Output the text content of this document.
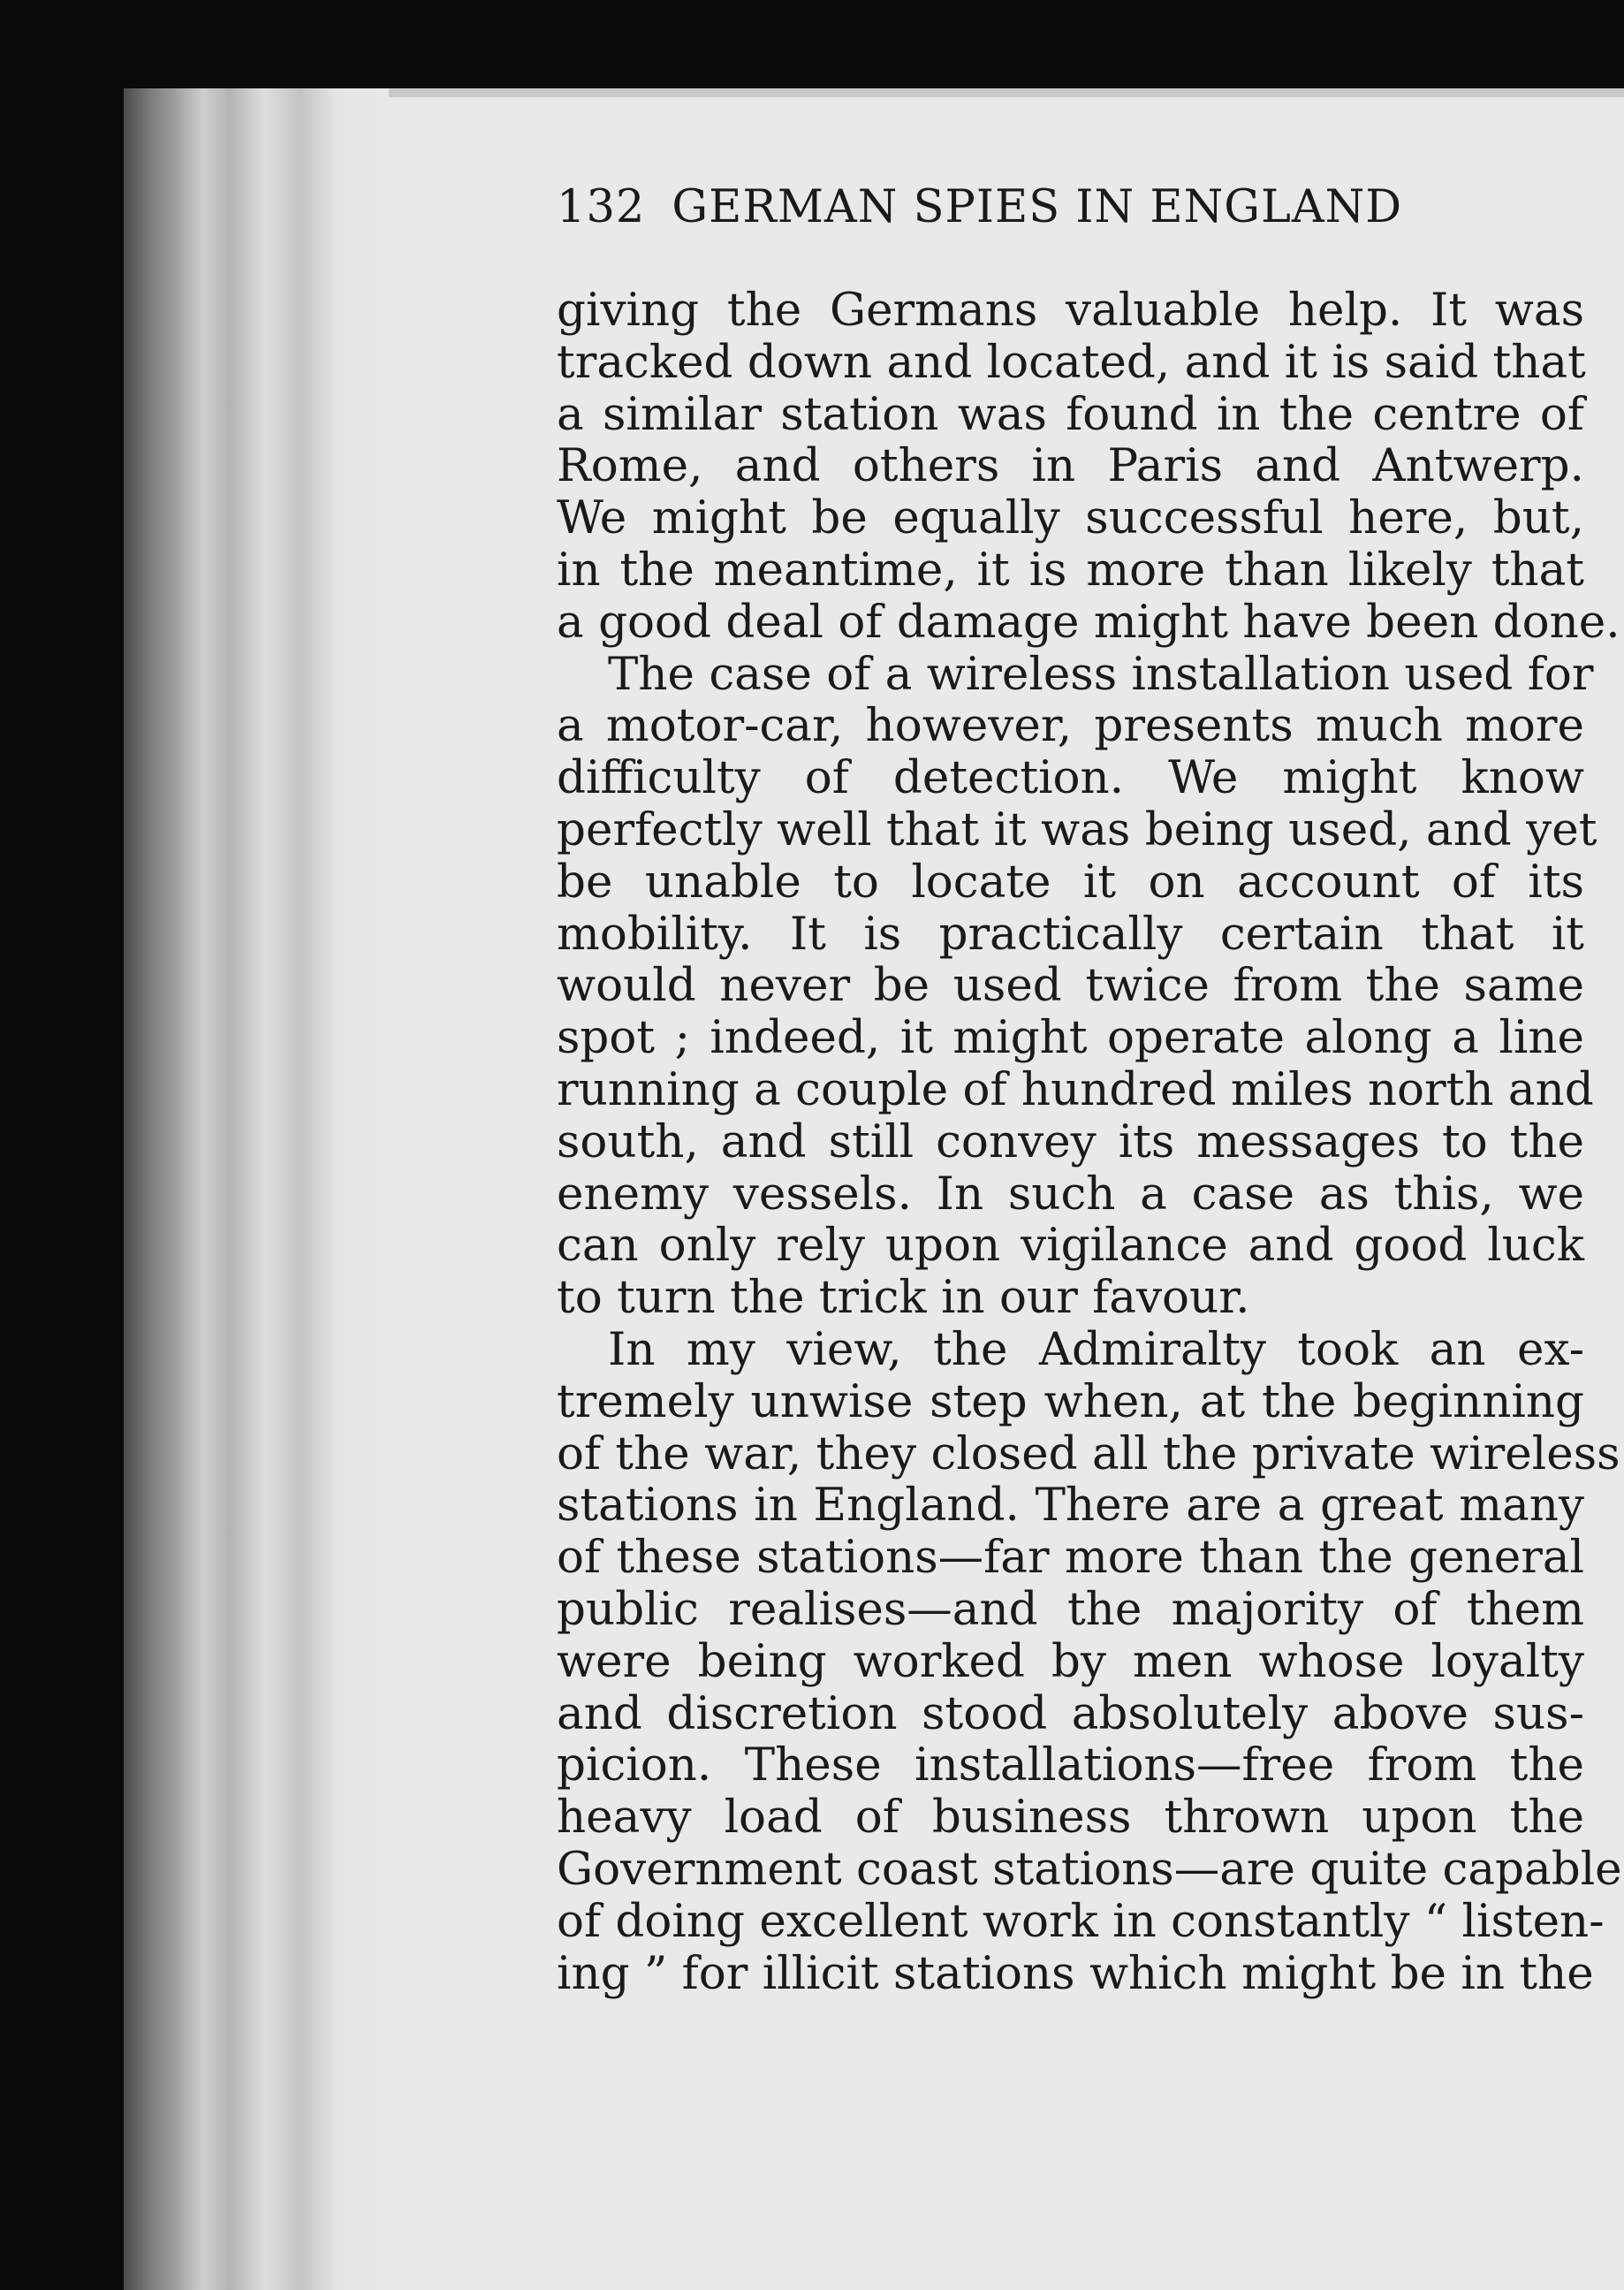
132 GERMAN SPIES IN ENGLAND
giving the Germans valuable help. It was
tracked down and located, and it is said that
a similar station was found in the centre of
Rome, and others in Paris and Antwerp.
We might be equally successful here, but,
in the meantime, it is more than likely that
a good deal of damage might have been done.
The case of a wireless installation used for
a motor-car, however, presents much more
difficulty of detection. We might know
perfectly well that it was being used, and yet
be unable to locate it on account of its
mobility. It is practically certain that it
would never be used twice from the same
spot ; indeed, it might operate along a line
running a couple of hundred miles north and
south, and still convey its messages to the
enemy vessels. In such a case as this, we
can only rely upon vigilance and good luck
to turn the trick in our favour.
In my view, the Admiralty took an ex-
tremely unwise step when, at the beginning
of the war, they closed all the private wireless
stations in England. There are a great many
of these stations—far more than the general
public realises—and the majority of them
were being worked by men whose loyalty
and discretion stood absolutely above sus-
picion. These installations—free from the
heavy load of business thrown upon the
Government coast stations—are quite capable
of doing excellent work in constantly “ listen-
ing ” for illicit stations which might be in the
